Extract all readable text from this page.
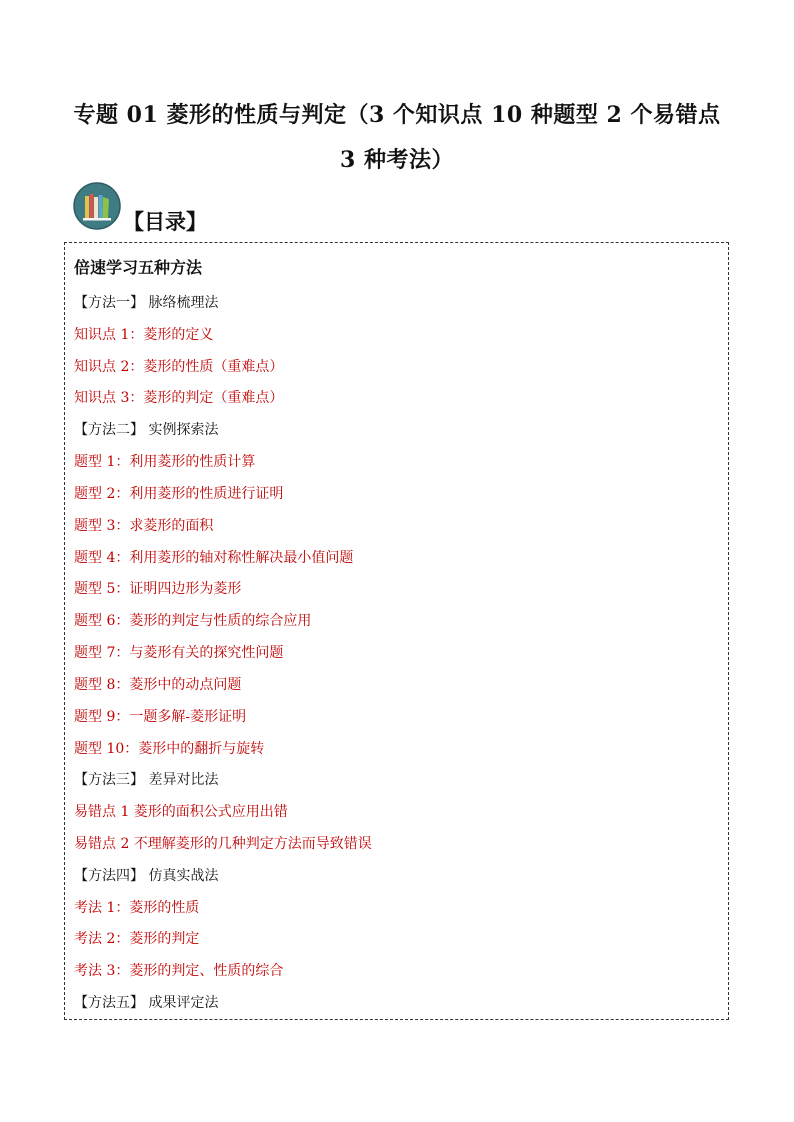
专题 01 菱形的性质与判定（3 个知识点 10 种题型 2 个易错点
3 种考法）
【目录】
倍速学习五种方法
【方法一】 脉络梳理法
知识点 1：菱形的定义
知识点 2：菱形的性质（重难点）
知识点 3：菱形的判定（重难点）
【方法二】 实例探索法
题型 1：利用菱形的性质计算
题型 2：利用菱形的性质进行证明
题型 3：求菱形的面积
题型 4：利用菱形的轴对称性解决最小值问题
题型 5：证明四边形为菱形
题型 6：菱形的判定与性质的综合应用
题型 7：与菱形有关的探究性问题
题型 8：菱形中的动点问题
题型 9：一题多解-菱形证明
题型 10：菱形中的翻折与旋转
【方法三】 差异对比法
易错点 1 菱形的面积公式应用出错
易错点 2 不理解菱形的几种判定方法而导致错误
【方法四】 仿真实战法
考法 1：菱形的性质
考法 2：菱形的判定
考法 3：菱形的判定、性质的综合
【方法五】 成果评定法
